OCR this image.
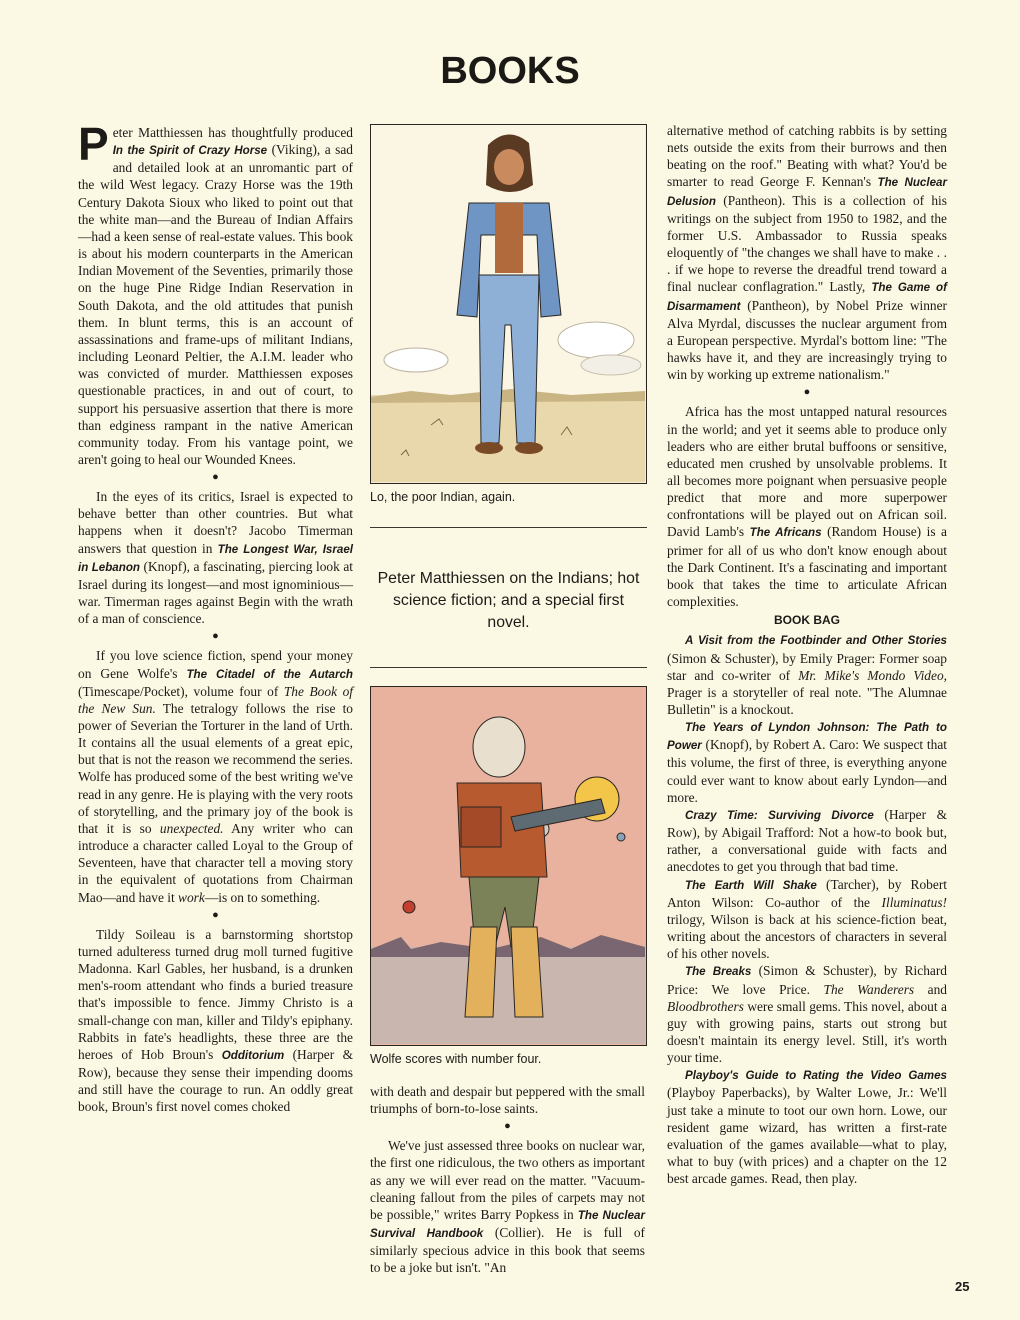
BOOKS

Peter Matthiessen has thoughtfully produced In the Spirit of Crazy Horse (Viking), a sad and detailed look at an unromantic part of the wild West legacy. Crazy Horse was the 19th Century Dakota Sioux who liked to point out that the white man—and the Bureau of Indian Affairs—had a keen sense of real-estate values. This book is about his modern counterparts in the American Indian Movement of the Seventies, primarily those on the huge Pine Ridge Indian Reservation in South Dakota, and the old attitudes that punish them. In blunt terms, this is an account of assassinations and frame-ups of militant Indians, including Leonard Peltier, the A.I.M. leader who was convicted of murder. Matthiessen exposes questionable practices, in and out of court, to support his persuasive assertion that there is more than edginess rampant in the native American community today. From his vantage point, we aren't going to heal our Wounded Knees.

●

In the eyes of its critics, Israel is expected to behave better than other countries. But what happens when it doesn't? Jacobo Timerman answers that question in The Longest War, Israel in Lebanon (Knopf), a fascinating, piercing look at Israel during its longest—and most ignominious—war. Timerman rages against Begin with the wrath of a man of conscience.

●

If you love science fiction, spend your money on Gene Wolfe's The Citadel of the Autarch (Timescape/Pocket), volume four of The Book of the New Sun. The tetralogy follows the rise to power of Severian the Torturer in the land of Urth. It contains all the usual elements of a great epic, but that is not the reason we recommend the series. Wolfe has produced some of the best writing we've read in any genre. He is playing with the very roots of storytelling, and the primary joy of the book is that it is so unexpected. Any writer who can introduce a character called Loyal to the Group of Seventeen, have that character tell a moving story in the equivalent of quotations from Chairman Mao—and have it work—is on to something.

●

Tildy Soileau is a barnstorming shortstop turned adulteress turned drug moll turned fugitive Madonna. Karl Gables, her husband, is a drunken men's-room attendant who finds a buried treasure that's impossible to fence. Jimmy Christo is a small-change con man, killer and Tildy's epiphany. Rabbits in fate's headlights, these three are the heroes of Hob Broun's Odditorium (Harper & Row), because they sense their impending dooms and still have the courage to run. An oddly great book, Broun's first novel comes choked

Lo, the poor Indian, again.
Peter Matthiessen on the Indians; hot science fiction; and a special first novel.
Wolfe scores with number four.

with death and despair but peppered with the small triumphs of born-to-lose saints.

●

We've just assessed three books on nuclear war, the first one ridiculous, the two others as important as any we will ever read on the matter. "Vacuum-cleaning fallout from the piles of carpets may not be possible," writes Barry Popkess in The Nuclear Survival Handbook (Collier). He is full of similarly specious advice in this book that seems to be a joke but isn't. "An

alternative method of catching rabbits is by setting nets outside the exits from their burrows and then beating on the roof." Beating with what? You'd be smarter to read George F. Kennan's The Nuclear Delusion (Pantheon). This is a collection of his writings on the subject from 1950 to 1982, and the former U.S. Ambassador to Russia speaks eloquently of "the changes we shall have to make . . . if we hope to reverse the dreadful trend toward a final nuclear conflagration." Lastly, The Game of Disarmament (Pantheon), by Nobel Prize winner Alva Myrdal, discusses the nuclear argument from a European perspective. Myrdal's bottom line: "The hawks have it, and they are increasingly trying to win by working up extreme nationalism."

●

Africa has the most untapped natural resources in the world; and yet it seems able to produce only leaders who are either brutal buffoons or sensitive, educated men crushed by unsolvable problems. It all becomes more poignant when persuasive people predict that more and more superpower confrontations will be played out on African soil. David Lamb's The Africans (Random House) is a primer for all of us who don't know enough about the Dark Continent. It's a fascinating and important book that takes the time to articulate African complexities.

BOOK BAG

A Visit from the Footbinder and Other Stories (Simon & Schuster), by Emily Prager: Former soap star and co-writer of Mr. Mike's Mondo Video, Prager is a storyteller of real note. "The Alumnae Bulletin" is a knockout.

The Years of Lyndon Johnson: The Path to Power (Knopf), by Robert A. Caro: We suspect that this volume, the first of three, is everything anyone could ever want to know about early Lyndon—and more.

Crazy Time: Surviving Divorce (Harper & Row), by Abigail Trafford: Not a how-to book but, rather, a conversational guide with facts and anecdotes to get you through that bad time.

The Earth Will Shake (Tarcher), by Robert Anton Wilson: Co-author of the Illuminatus! trilogy, Wilson is back at his science-fiction beat, writing about the ancestors of characters in several of his other novels.

The Breaks (Simon & Schuster), by Richard Price: We love Price. The Wanderers and Bloodbrothers were small gems. This novel, about a guy with growing pains, starts out strong but doesn't maintain its energy level. Still, it's worth your time.

Playboy's Guide to Rating the Video Games (Playboy Paperbacks), by Walter Lowe, Jr.: We'll just take a minute to toot our own horn. Lowe, our resident game wizard, has written a first-rate evaluation of the games available—what to play, what to buy (with prices) and a chapter on the 12 best arcade games. Read, then play.

25
